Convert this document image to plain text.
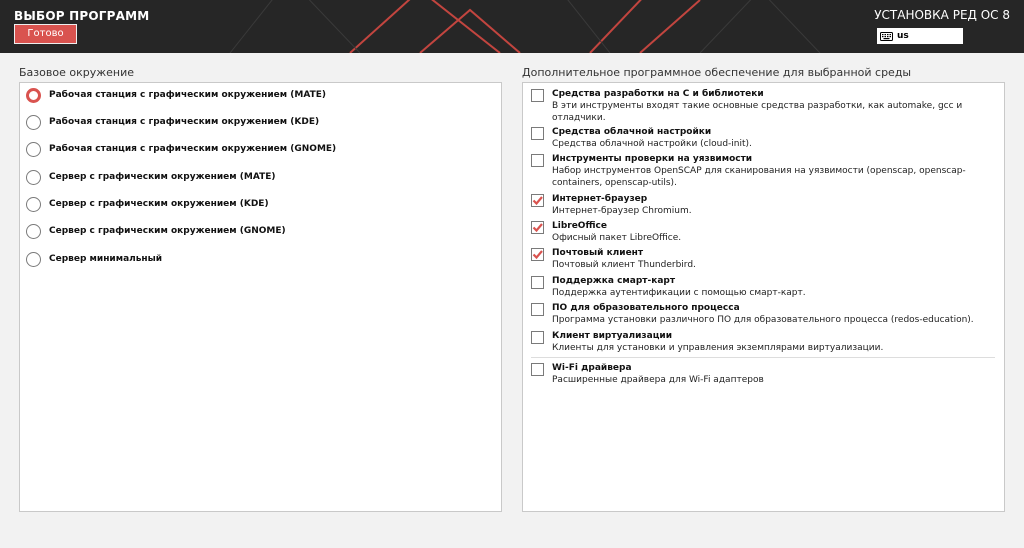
ВЫБОР ПРОГРАММ
Готово
УСТАНОВКА РЕД ОС 8
us
Базовое окружение	Дополнительное программное обеспечение для выбранной среды
Рабочая станция с графическим окружением (MATE)
Рабочая станция с графическим окружением (KDE)
Рабочая станция с графическим окружением (GNOME)
Сервер с графическим окружением (MATE)
Сервер с графическим окружением (KDE)
Сервер с графическим окружением (GNOME)
Сервер минимальный
Средства разработки на С и библиотеки
В эти инструменты входят такие основные средства разработки, как automake, gcc и отладчики.
Средства облачной настройки
Средства облачной настройки (cloud-init).
Инструменты проверки на уязвимости
Набор инструментов OpenSCAP для сканирования на уязвимости (openscap, openscap-containers, openscap-utils).
Интернет-браузер
Интернет-браузер Chromium.
LibreOffice
Офисный пакет LibreOffice.
Почтовый клиент
Почтовый клиент Thunderbird.
Поддержка смарт-карт
Поддержка аутентификации с помощью смарт-карт.
ПО для образовательного процесса
Программа установки различного ПО для образовательного процесса (redos-education).
Клиент виртуализации
Клиенты для установки и управления экземплярами виртуализации.
Wi-Fi драйвера
Расширенные драйвера для Wi-Fi адаптеров
